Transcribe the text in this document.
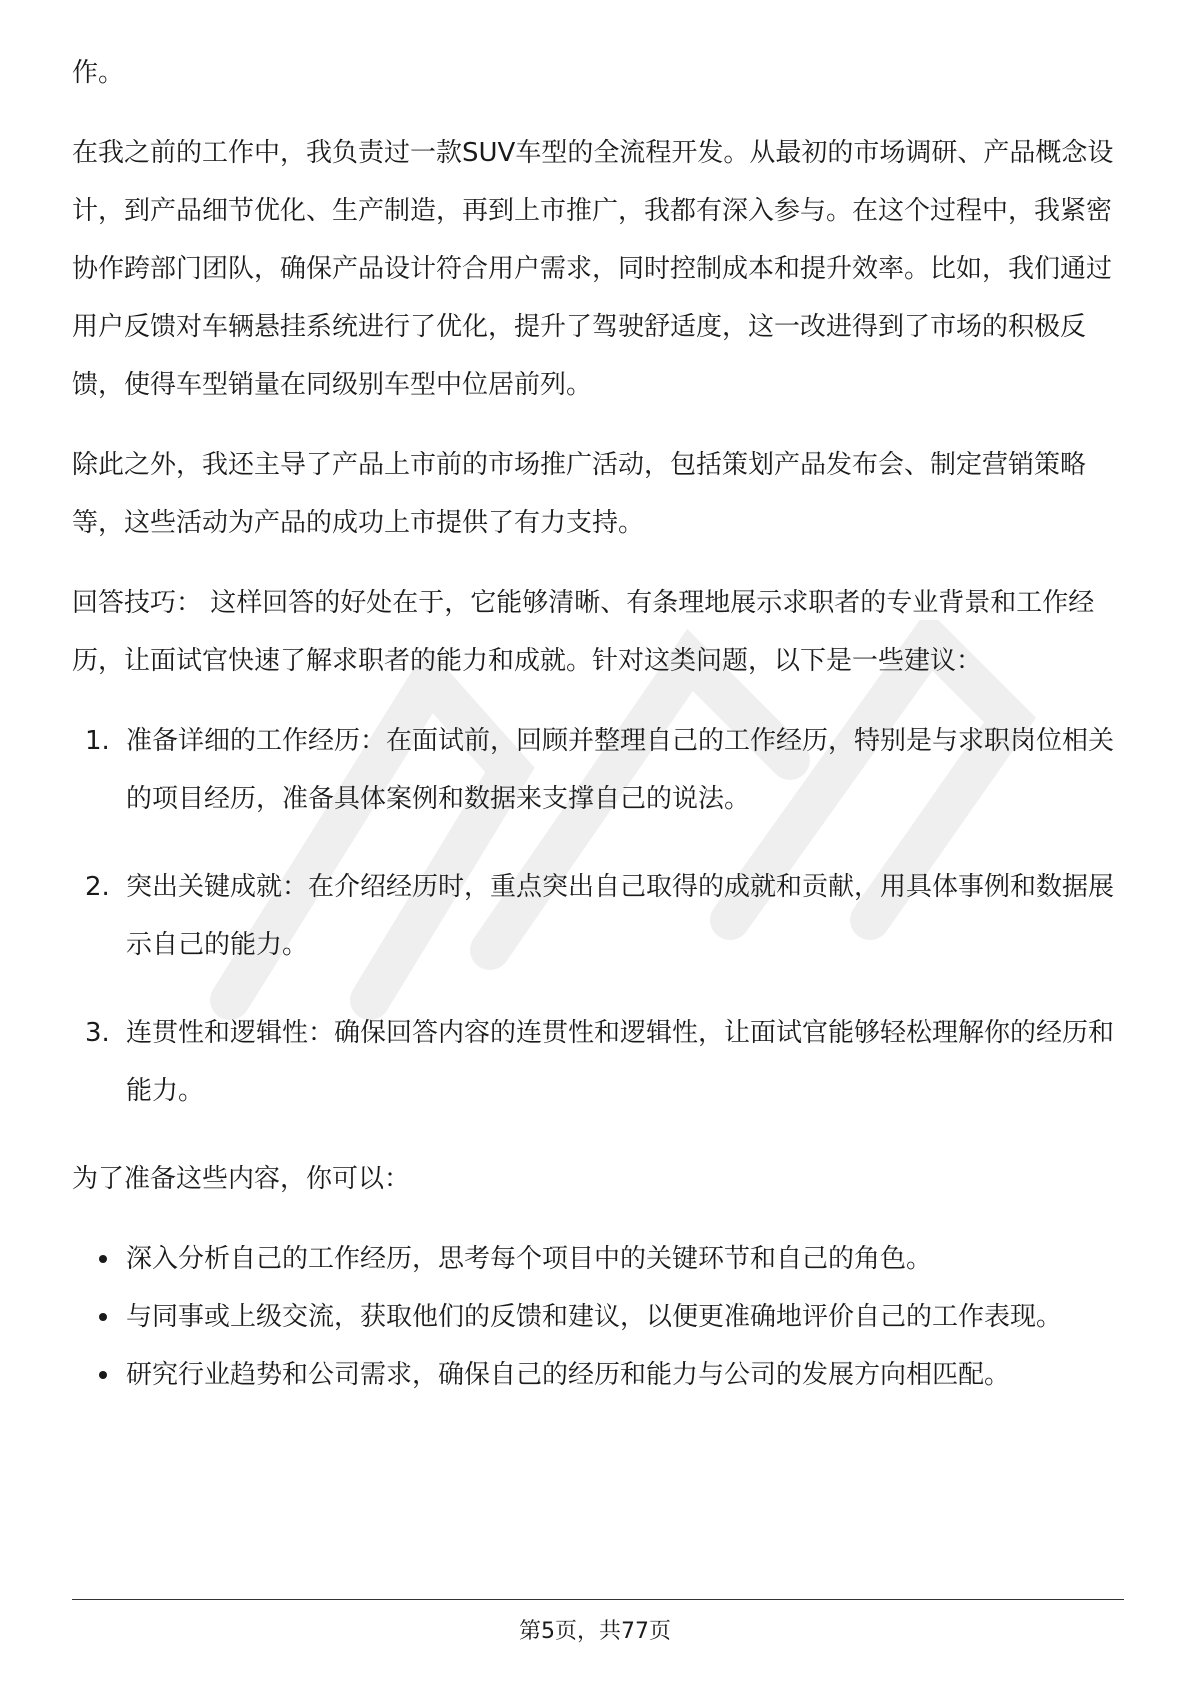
作。

在我之前的工作中，我负责过一款SUV车型的全流程开发。从最初的市场调研、产品概念设计，到产品细节优化、生产制造，再到上市推广，我都有深入参与。在这个过程中，我紧密协作跨部门团队，确保产品设计符合用户需求，同时控制成本和提升效率。比如，我们通过用户反馈对车辆悬挂系统进行了优化，提升了驾驶舒适度，这一改进得到了市场的积极反馈，使得车型销量在同级别车型中位居前列。

除此之外，我还主导了产品上市前的市场推广活动，包括策划产品发布会、制定营销策略等，这些活动为产品的成功上市提供了有力支持。

回答技巧： 这样回答的好处在于，它能够清晰、有条理地展示求职者的专业背景和工作经历，让面试官快速了解求职者的能力和成就。针对这类问题，以下是一些建议：

1. 准备详细的工作经历：在面试前，回顾并整理自己的工作经历，特别是与求职岗位相关的项目经历，准备具体案例和数据来支撑自己的说法。
2. 突出关键成就：在介绍经历时，重点突出自己取得的成就和贡献，用具体事例和数据展示自己的能力。
3. 连贯性和逻辑性：确保回答内容的连贯性和逻辑性，让面试官能够轻松理解你的经历和能力。

为了准备这些内容，你可以：

深入分析自己的工作经历，思考每个项目中的关键环节和自己的角色。
与同事或上级交流，获取他们的反馈和建议，以便更准确地评价自己的工作表现。
研究行业趋势和公司需求，确保自己的经历和能力与公司的发展方向相匹配。
第5页，共77页
